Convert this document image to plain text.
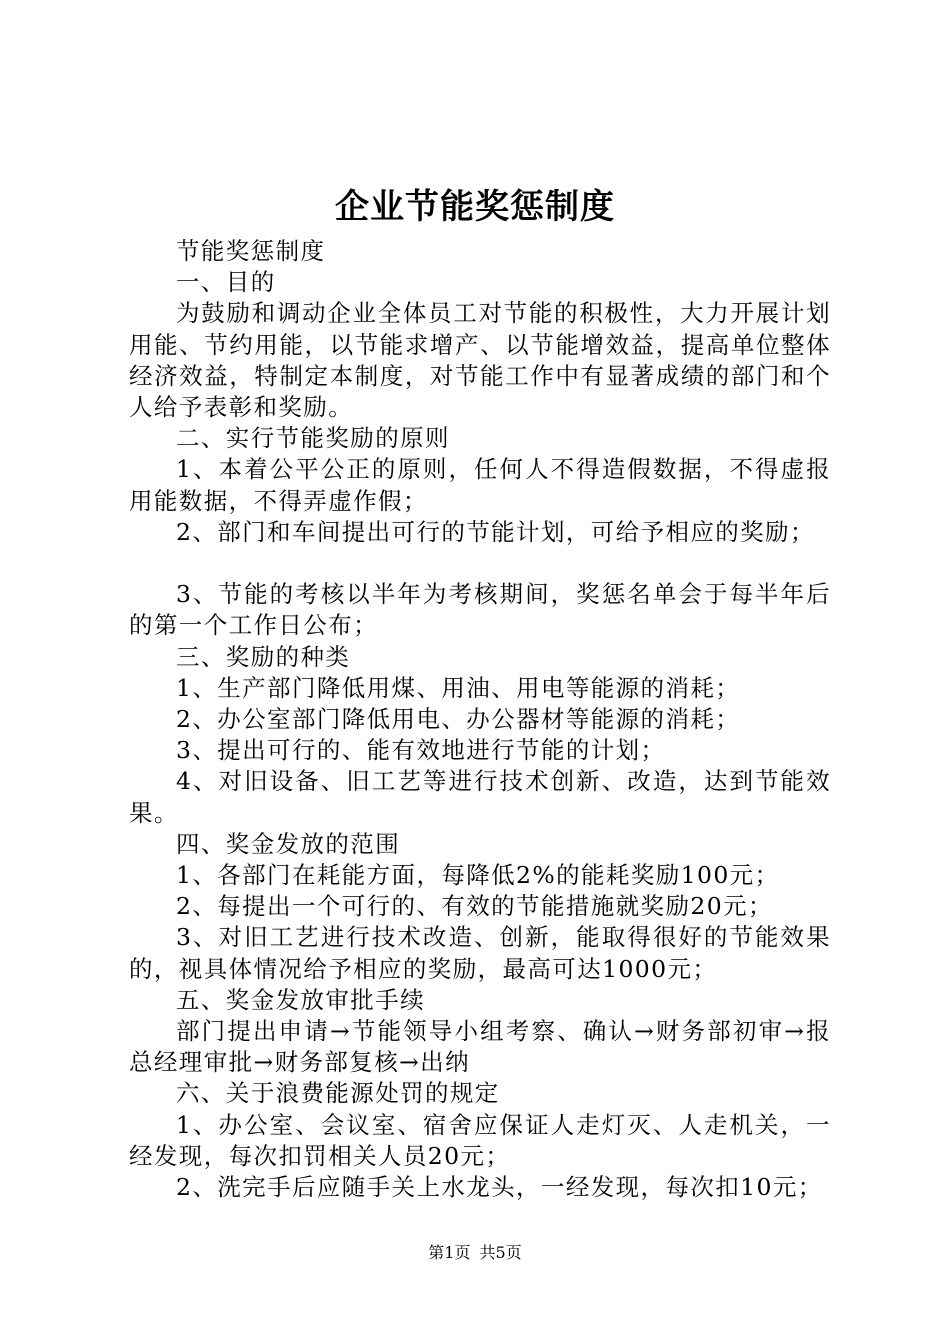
企业节能奖惩制度

节能奖惩制度

一、目的

为鼓励和调动企业全体员工对节能的积极性，大力开展计划用能、节约用能，以节能求增产、以节能增效益，提高单位整体经济效益，特制定本制度，对节能工作中有显著成绩的部门和个人给予表彰和奖励。

二、实行节能奖励的原则

1、本着公平公正的原则，任何人不得造假数据，不得虚报用能数据，不得弄虚作假；

2、部门和车间提出可行的节能计划，可给予相应的奖励；

3、节能的考核以半年为考核期间，奖惩名单会于每半年后的第一个工作日公布；

三、奖励的种类

1、生产部门降低用煤、用油、用电等能源的消耗；

2、办公室部门降低用电、办公器材等能源的消耗；

3、提出可行的、能有效地进行节能的计划；

4、对旧设备、旧工艺等进行技术创新、改造，达到节能效果。

四、奖金发放的范围

1、各部门在耗能方面，每降低2%的能耗奖励100元；

2、每提出一个可行的、有效的节能措施就奖励20元；

3、对旧工艺进行技术改造、创新，能取得很好的节能效果的，视具体情况给予相应的奖励，最高可达1000元；

五、奖金发放审批手续

部门提出申请→节能领导小组考察、确认→财务部初审→报总经理审批→财务部复核→出纳

六、关于浪费能源处罚的规定

1、办公室、会议室、宿舍应保证人走灯灭、人走机关，一经发现，每次扣罚相关人员20元；

2、洗完手后应随手关上水龙头，一经发现，每次扣10元；

第1页 共5页
